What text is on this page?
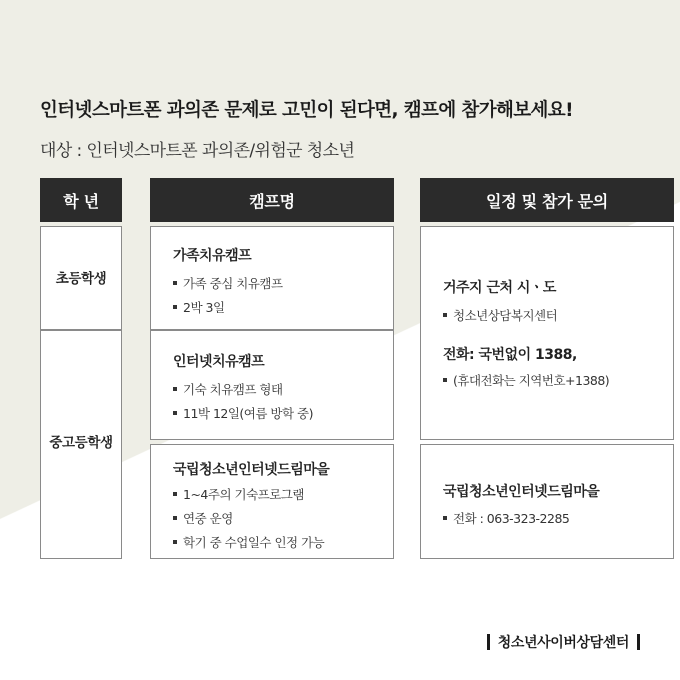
인터넷스마트폰 과의존 문제로 고민이 된다면, 캠프에 참가해보세요!
대상 : 인터넷스마트폰 과의존/위험군 청소년
학 년	캠프명	일정 및 참가 문의
초등학생
중고등학생
가족치유캠프
가족 중심 치유캠프
2박 3일
인터넷치유캠프
기숙 치유캠프 형태
11박 12일(여름 방학 중)
국립청소년인터넷드림마을
1~4주의 기숙프로그램
연중 운영
학기 중 수업일수 인정 가능
거주지 근처 시ㆍ도
청소년상담복지센터
전화: 국번없이 1388,
(휴대전화는 지역번호+1388)
국립청소년인터넷드림마을
전화 : 063-323-2285
청소년사이버상담센터
